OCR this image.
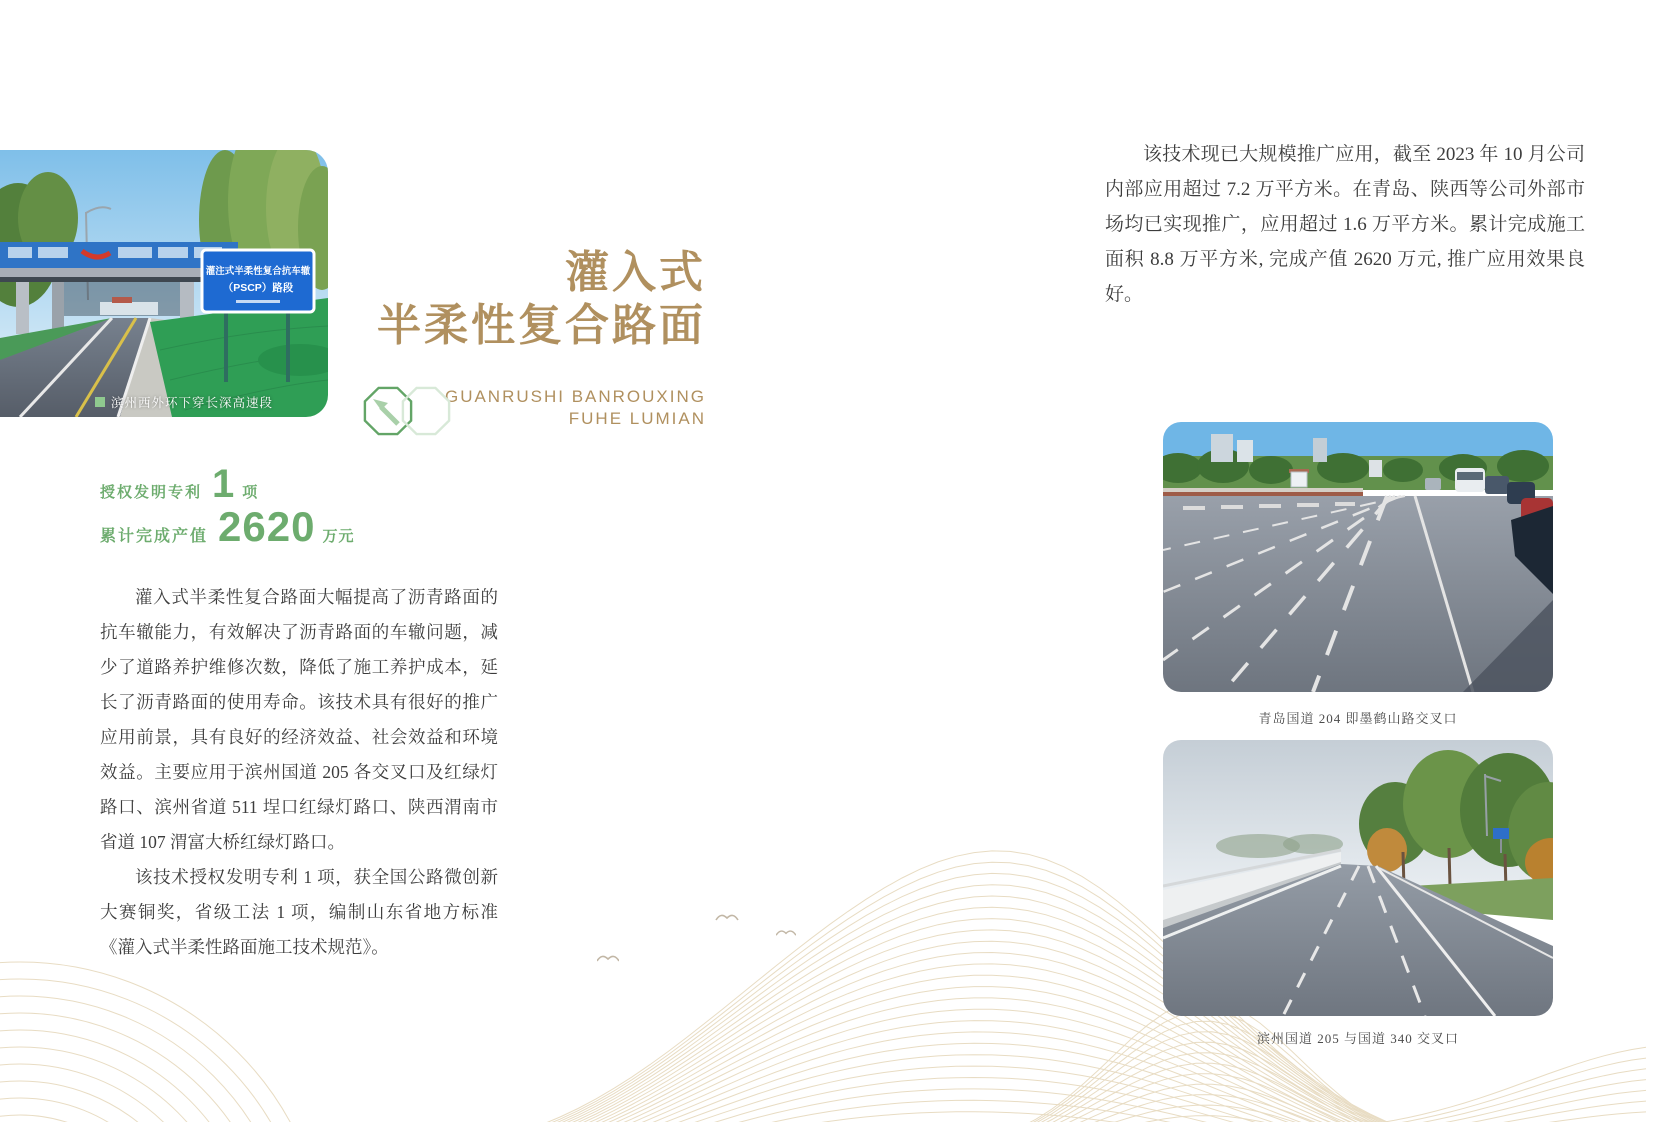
灌注式半柔性复合抗车辙
（PSCP）路段
滨州西外环下穿长深高速段
灌入式
半柔性复合路面
GUANRUSHI BANROUXING
FUHE LUMIAN
授权发明专利 1 项
累计完成产值 2620 万元

灌入式半柔性复合路面大幅提高了沥青路面的抗车辙能力，有效解决了沥青路面的车辙问题，减少了道路养护维修次数，降低了施工养护成本，延长了沥青路面的使用寿命。该技术具有很好的推广应用前景，具有良好的经济效益、社会效益和环境效益。主要应用于滨州国道 205 各交叉口及红绿灯路口、滨州省道 511 埕口红绿灯路口、陕西渭南市省道 107 渭富大桥红绿灯路口。

该技术授权发明专利 1 项，获全国公路微创新大赛铜奖，省级工法 1 项，编制山东省地方标准《灌入式半柔性路面施工技术规范》。

该技术现已大规模推广应用，截至 2023 年 10 月公司内部应用超过 7.2 万平方米。在青岛、陕西等公司外部市场均已实现推广，应用超过 1.6 万平方米。累计完成施工面积 8.8 万平方米, 完成产值 2620 万元, 推广应用效果良好。

青岛国道 204 即墨鹤山路交叉口
滨州国道 205 与国道 340 交叉口
